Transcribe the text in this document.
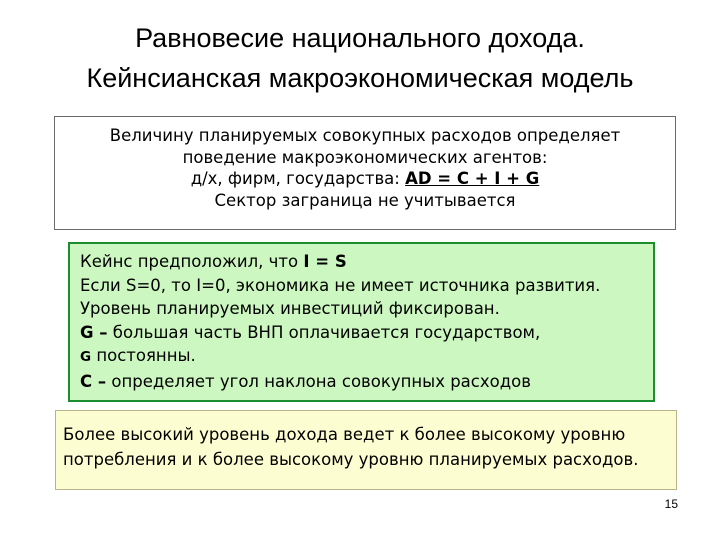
Равновесие национального дохода.
Кейнсианская макроэкономическая модель
Величину планируемых совокупных расходов определяет
поведение макроэкономических агентов:
д/х, фирм, государства: AD = C + I + G
Сектор заграница не учитывается
Кейнс предположил, что I = S
Если S=0, то I=0, экономика не имеет источника развития.
Уровень планируемых инвестиций фиксирован.
G – большая часть ВНП оплачивается государством,
G постоянны.
C – определяет угол наклона совокупных расходов
Более высокий уровень дохода ведет к более высокому уровню
потребления и к более высокому уровню планируемых расходов.
15
